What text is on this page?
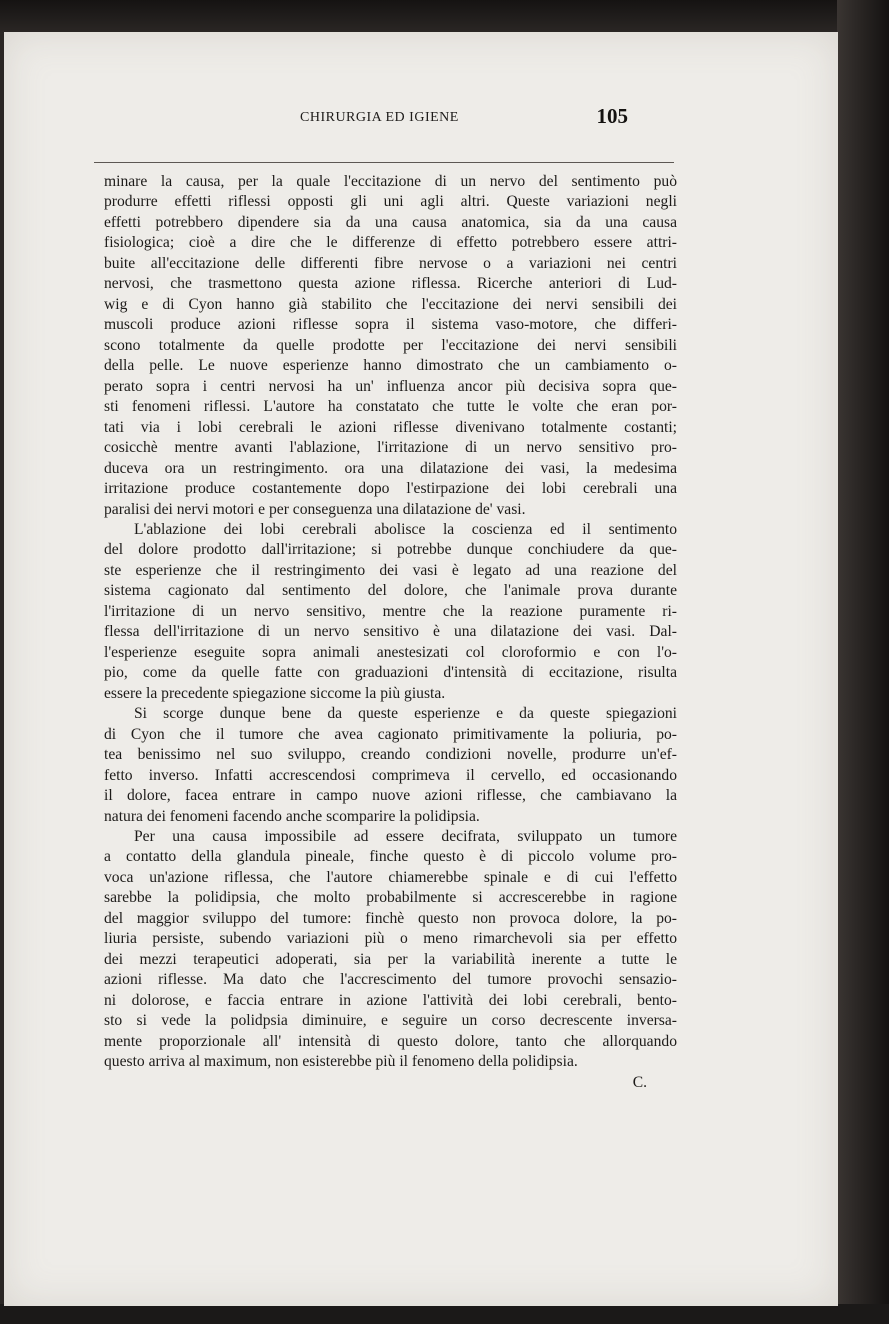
CHIRURGIA ED IGIENE	105
minare la causa, per la quale l'eccitazione di un nervo del sentimento può
produrre effetti riflessi opposti gli uni agli altri. Queste variazioni negli
effetti potrebbero dipendere sia da una causa anatomica, sia da una causa
fisiologica; cioè a dire che le differenze di effetto potrebbero essere attri-
buite all'eccitazione delle differenti fibre nervose o a variazioni nei centri
nervosi, che trasmettono questa azione riflessa. Ricerche anteriori di Lud-
wig e di Cyon hanno già stabilito che l'eccitazione dei nervi sensibili dei
muscoli produce azioni riflesse sopra il sistema vaso-motore, che differi-
scono totalmente da quelle prodotte per l'eccitazione dei nervi sensibili
della pelle. Le nuove esperienze hanno dimostrato che un cambiamento o-
perato sopra i centri nervosi ha un' influenza ancor più decisiva sopra que-
sti fenomeni riflessi. L'autore ha constatato che tutte le volte che eran por-
tati via i lobi cerebrali le azioni riflesse divenivano totalmente costanti;
cosicchè mentre avanti l'ablazione, l'irritazione di un nervo sensitivo pro-
duceva ora un restringimento. ora una dilatazione dei vasi, la medesima
irritazione produce costantemente dopo l'estirpazione dei lobi cerebrali una
paralisi dei nervi motori e per conseguenza una dilatazione de' vasi.
L'ablazione dei lobi cerebrali abolisce la coscienza ed il sentimento
del dolore prodotto dall'irritazione; si potrebbe dunque conchiudere da que-
ste esperienze che il restringimento dei vasi è legato ad una reazione del
sistema cagionato dal sentimento del dolore, che l'animale prova durante
l'irritazione di un nervo sensitivo, mentre che la reazione puramente ri-
flessa dell'irritazione di un nervo sensitivo è una dilatazione dei vasi. Dal-
l'esperienze eseguite sopra animali anestesizati col cloroformio e con l'o-
pio, come da quelle fatte con graduazioni d'intensità di eccitazione, risulta
essere la precedente spiegazione siccome la più giusta.
Si scorge dunque bene da queste esperienze e da queste spiegazioni
di Cyon che il tumore che avea cagionato primitivamente la poliuria, po-
tea benissimo nel suo sviluppo, creando condizioni novelle, produrre un'ef-
fetto inverso. Infatti accrescendosi comprimeva il cervello, ed occasionando
il dolore, facea entrare in campo nuove azioni riflesse, che cambiavano la
natura dei fenomeni facendo anche scomparire la polidipsia.
Per una causa impossibile ad essere decifrata, sviluppato un tumore
a contatto della glandula pineale, finche questo è di piccolo volume pro-
voca un'azione riflessa, che l'autore chiamerebbe spinale e di cui l'effetto
sarebbe la polidipsia, che molto probabilmente si accrescerebbe in ragione
del maggior sviluppo del tumore: finchè questo non provoca dolore, la po-
liuria persiste, subendo variazioni più o meno rimarchevoli sia per effetto
dei mezzi terapeutici adoperati, sia per la variabilità inerente a tutte le
azioni riflesse. Ma dato che l'accrescimento del tumore provochi sensazio-
ni dolorose, e faccia entrare in azione l'attività dei lobi cerebrali, bento-
sto si vede la polidpsia diminuire, e seguire un corso decrescente inversa-
mente proporzionale all' intensità di questo dolore, tanto che allorquando
questo arriva al maximum, non esisterebbe più il fenomeno della polidipsia.
C.
